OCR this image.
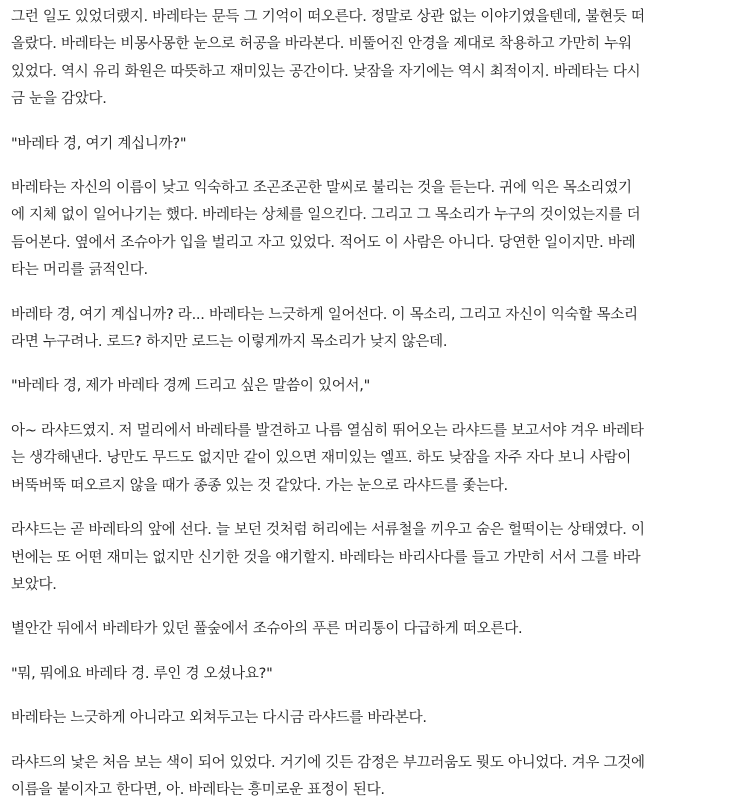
그런 일도 있었더랬지. 바레타는 문득 그 기억이 떠오른다. 정말로 상관 없는 이야기였을텐데, 불현듯 떠
올랐다. 바레타는 비몽사몽한 눈으로 허공을 바라본다. 비뚤어진 안경을 제대로 착용하고 가만히 누워
있었다. 역시 유리 화원은 따뜻하고 재미있는 공간이다. 낮잠을 자기에는 역시 최적이지. 바레타는 다시
금 눈을 감았다.

"바레타 경, 여기 계십니까?"

바레타는 자신의 이름이 낮고 익숙하고 조곤조곤한 말씨로 불리는 것을 듣는다. 귀에 익은 목소리였기
에 지체 없이 일어나기는 했다. 바레타는 상체를 일으킨다. 그리고 그 목소리가 누구의 것이었는지를 더
듬어본다. 옆에서 조슈아가 입을 벌리고 자고 있었다. 적어도 이 사람은 아니다. 당연한 일이지만. 바레
타는 머리를 긁적인다.

바레타 경, 여기 계십니까? 라... 바레타는 느긋하게 일어선다. 이 목소리, 그리고 자신이 익숙할 목소리
라면 누구려나. 로드? 하지만 로드는 이렇게까지 목소리가 낮지 않은데.

"바레타 경, 제가 바레타 경께 드리고 싶은 말씀이 있어서,"

아~ 라샤드였지. 저 멀리에서 바레타를 발견하고 나름 열심히 뛰어오는 라샤드를 보고서야 겨우 바레타
는 생각해낸다. 낭만도 무드도 없지만 같이 있으면 재미있는 엘프. 하도 낮잠을 자주 자다 보니 사람이
버뚝버뚝 떠오르지 않을 때가 종종 있는 것 같았다. 가는 눈으로 라샤드를 좇는다.

라샤드는 곧 바레타의 앞에 선다. 늘 보던 것처럼 허리에는 서류철을 끼우고 숨은 헐떡이는 상태였다. 이
번에는 또 어떤 재미는 없지만 신기한 것을 얘기할지. 바레타는 바리사다를 들고 가만히 서서 그를 바라
보았다.

별안간 뒤에서 바레타가 있던 풀숲에서 조슈아의 푸른 머리통이 다급하게 떠오른다.

"뭐, 뭐에요 바레타 경. 루인 경 오셨나요?"

바레타는 느긋하게 아니라고 외쳐두고는 다시금 라샤드를 바라본다.

라샤드의 낯은 처음 보는 색이 되어 있었다. 거기에 깃든 감정은 부끄러움도 뭣도 아니었다. 겨우 그것에
이름을 붙이자고 한다면, 아. 바레타는 흥미로운 표정이 된다.
